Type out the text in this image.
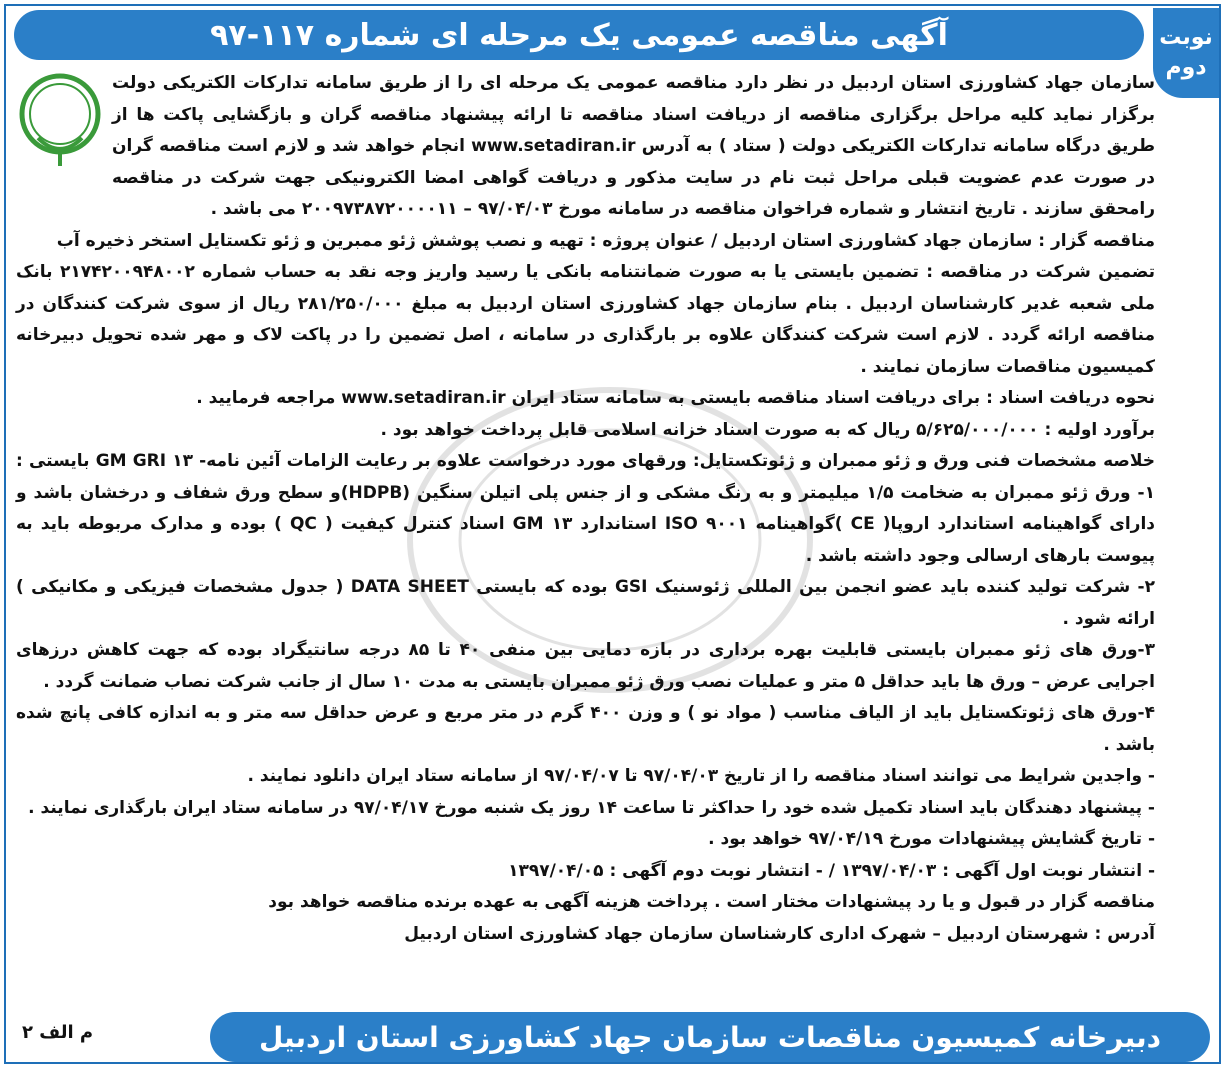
آگهی مناقصه عمومی یک مرحله ای شماره ۱۱۷-۹۷	نوبت
دوم

سازمان جهاد کشاورزی استان اردبیل در نظر دارد مناقصه عمومی یک مرحله ای را از طریق سامانه تدارکات الکتریکی دولت برگزار نماید کلیه مراحل برگزاری مناقصه از دریافت اسناد مناقصه تا ارائه پیشنهاد مناقصه گران و بازگشایی پاکت ها از طریق درگاه سامانه تدارکات الکتریکی دولت ( ستاد ) به آدرس www.setadiran.ir انجام خواهد شد و لازم است مناقصه گران در صورت عدم عضویت قبلی مراحل ثبت نام در سایت مذکور و دریافت گواهی امضا الکترونیکی جهت شرکت در مناقصه رامحقق سازند . تاریخ انتشار و شماره فراخوان مناقصه در سامانه مورخ ۹۷/۰۴/۰۳ – ۲۰۰۹۷۳۸۷۲۰۰۰۰۱۱ می باشد .

مناقصه گزار : سازمان جهاد کشاورزی استان اردبیل / عنوان پروژه : تهیه و نصب پوشش ژئو ممبرین و ژئو تکستایل استخر ذخیره آب

تضمین شرکت در مناقصه : تضمین بایستی یا به صورت ضمانتنامه بانکی یا رسید واریز وجه نقد به حساب شماره ۲۱۷۴۲۰۰۹۴۸۰۰۲ بانک ملی شعبه غدیر کارشناسان اردبیل . بنام سازمان جهاد کشاورزی استان اردبیل به مبلغ ۲۸۱/۲۵۰/۰۰۰ ریال از سوی شرکت کنندگان در مناقصه ارائه گردد . لازم است شرکت کنندگان علاوه بر بارگذاری در سامانه ، اصل تضمین را در پاکت لاک و مهر شده تحویل دبیرخانه کمیسیون مناقصات سازمان نمایند .

نحوه دریافت اسناد : برای دریافت اسناد مناقصه بایستی به سامانه ستاد ایران www.setadiran.ir مراجعه فرمایید .

برآورد اولیه : ۵/۶۲۵/۰۰۰/۰۰۰ ریال که به صورت اسناد خزانه اسلامی قابل پرداخت خواهد بود .

خلاصه مشخصات فنی ورق و ژئو ممبران و ژئوتکستایل: ورقهای مورد درخواست علاوه بر رعایت الزامات آئین نامه- GM GRI ۱۳ بایستی : ۱- ورق ژئو ممبران به ضخامت ۱/۵ میلیمتر و به رنگ مشکی و از جنس پلی اتیلن سنگین (HDPB)و سطح ورق شفاف و درخشان باشد و دارای گواهینامه استاندارد اروپا( CE )گواهینامه ۹۰۰۱ ISO استاندارد ۱۳ GM اسناد کنترل کیفیت ( QC ) بوده و مدارک مربوطه باید به پیوست بارهای ارسالی وجود داشته باشد .

۲- شرکت تولید کننده باید عضو انجمن بین المللی ژئوسنیک GSI بوده که بایستی DATA SHEET ( جدول مشخصات فیزیکی و مکانیکی ) ارائه شود .

۳-ورق های ژئو ممبران بایستی قابلیت بهره برداری در بازه دمایی بین منفی ۴۰ تا ۸۵ درجه سانتیگراد بوده که جهت کاهش درزهای اجرایی عرض – ورق ها باید حداقل ۵ متر و عملیات نصب ورق ژئو ممبران بایستی به مدت ۱۰ سال از جانب شرکت نصاب ضمانت گردد .

۴-ورق های ژئوتکستایل باید از الیاف مناسب ( مواد نو ) و وزن ۴۰۰ گرم در متر مربع و عرض حداقل سه متر و به اندازه کافی پانچ شده باشد .

- واجدین شرایط می توانند اسناد مناقصه را از تاریخ ۹۷/۰۴/۰۳ تا ۹۷/۰۴/۰۷ از سامانه ستاد ایران دانلود نمایند .

- پیشنهاد دهندگان باید اسناد تکمیل شده خود را حداکثر تا ساعت ۱۴ روز یک شنبه مورخ ۹۷/۰۴/۱۷ در سامانه ستاد ایران بارگذاری نمایند .

- تاریخ گشایش پیشنهادات مورخ ۹۷/۰۴/۱۹ خواهد بود .

- انتشار نوبت اول آگهی : ۱۳۹۷/۰۴/۰۳ / - انتشار نوبت دوم آگهی : ۱۳۹۷/۰۴/۰۵

مناقصه گزار در قبول و یا رد پیشنهادات مختار است . پرداخت هزینه آگهی به عهده برنده مناقصه خواهد بود

آدرس : شهرستان اردبیل – شهرک اداری کارشناسان سازمان جهاد کشاورزی استان اردبیل

دبیرخانه کمیسیون مناقصات سازمان جهاد کشاورزی استان اردبیل
م الف ۲
